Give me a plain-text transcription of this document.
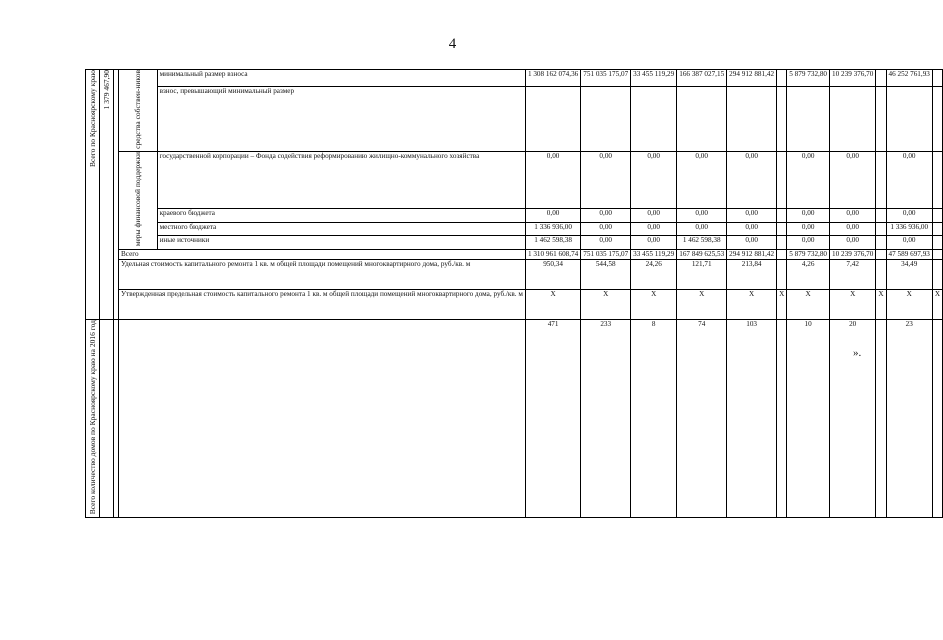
4
Всего по Красноярскому краю	1 379 467,90		средства собствен-ников	минимальный размер взноса	1 308 162 074,36	751 035 175,07	33 455 119,29	166 387 027,15	294 912 881,42		5 879 732,80	10 239 376,70		46 252 761,93	
				взнос, превышающий минимальный размер											
			меры финансовой поддержки	государственной корпорации – Фонда содействия реформированию жилищно-коммунального хозяйства	0,00	0,00	0,00	0,00	0,00		0,00	0,00		0,00	
				краевого бюджета	0,00	0,00	0,00	0,00	0,00		0,00	0,00		0,00	
				местного бюджета	1 336 936,00	0,00	0,00	0,00	0,00		0,00	0,00		1 336 936,00	
				иные источники	1 462 598,38	0,00	0,00	1 462 598,38	0,00		0,00	0,00		0,00	
			Всего		1 310 961 608,74	751 035 175,07	33 455 119,29	167 849 625,53	294 912 881,42		5 879 732,80	10 239 376,70		47 589 697,93	
			Удельная стоимость капитального ремонта 1 кв. м общей площади помещений многоквартирного дома, руб./кв. м		950,34	544,58	24,26	121,71	213,84		4,26	7,42		34,49	
			Утвержденная предельная стоимость капитального ремонта 1 кв. м общей площади помещений многоквартирного дома, руб./кв. м		Х	Х	Х	Х	Х	Х	Х	Х	Х	Х	Х
Всего количество домов по Красноярскому краю на 2016 год					471	233	8	74	103		10	20		23	
».
